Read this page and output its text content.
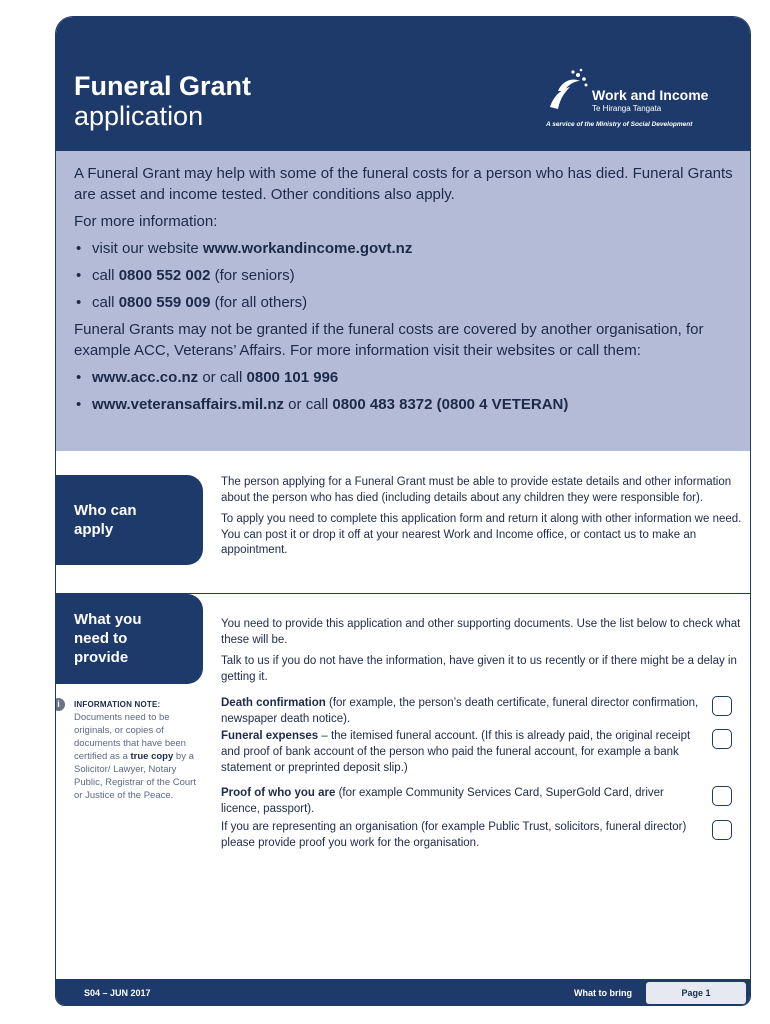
Funeral Grant
application
Work and Income
Te Hiranga Tangata
A service of the Ministry of Social Development

A Funeral Grant may help with some of the funeral costs for a person who has died. Funeral Grants are asset and income tested. Other conditions also apply.

For more information:

• visit our website www.workandincome.govt.nz
• call 0800 552 002 (for seniors)
• call 0800 559 009 (for all others)

Funeral Grants may not be granted if the funeral costs are covered by another organisation, for example ACC, Veterans’ Affairs. For more information visit their websites or call them:

• www.acc.co.nz or call 0800 101 996
• www.veteransaffairs.mil.nz or call 0800 483 8372 (0800 4 VETERAN)
Who can
apply

The person applying for a Funeral Grant must be able to provide estate details and other information about the person who has died (including details about any children they were responsible for).

To apply you need to complete this application form and return it along with other information we need. You can post it or drop it off at your nearest Work and Income office, or contact us to make an appointment.

What you
need to
provide

You need to provide this application and other supporting documents. Use the list below to check what these will be.

Talk to us if you do not have the information, have given it to us recently or if there might be a delay in getting it.

Death confirmation (for example, the person’s death certificate, funeral director confirmation, newspaper death notice).
Funeral expenses – the itemised funeral account. (If this is already paid, the original receipt and proof of bank account of the person who paid the funeral account, for example a bank statement or preprinted deposit slip.)
Proof of who you are (for example Community Services Card, SuperGold Card, driver licence, passport).
If you are representing an organisation (for example Public Trust, solicitors, funeral director) please provide proof you work for the organisation.
i	INFORMATION NOTE:
Documents need to be originals, or copies of documents that have been certified as a true copy by a Solicitor/ Lawyer, Notary Public, Registrar of the Court or Justice of the Peace.
S04 – JUN 2017	What to bring	Page 1
